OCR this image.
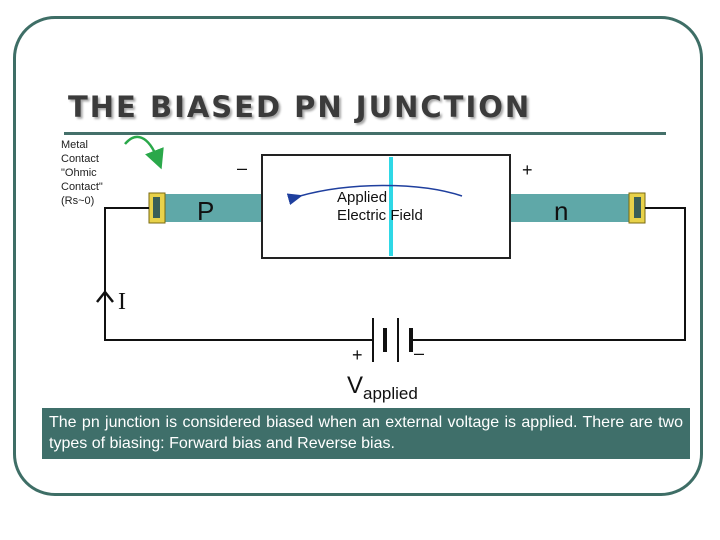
THE BIASED PN JUNCTION
Metal
Contact
"Ohmic
Contact"
(Rs~0)	P	n
–	+
Applied
Electric Field
I
+	–
Vapplied
The pn junction is considered biased when an external voltage is applied. There are two types of biasing: Forward bias and Reverse bias.
